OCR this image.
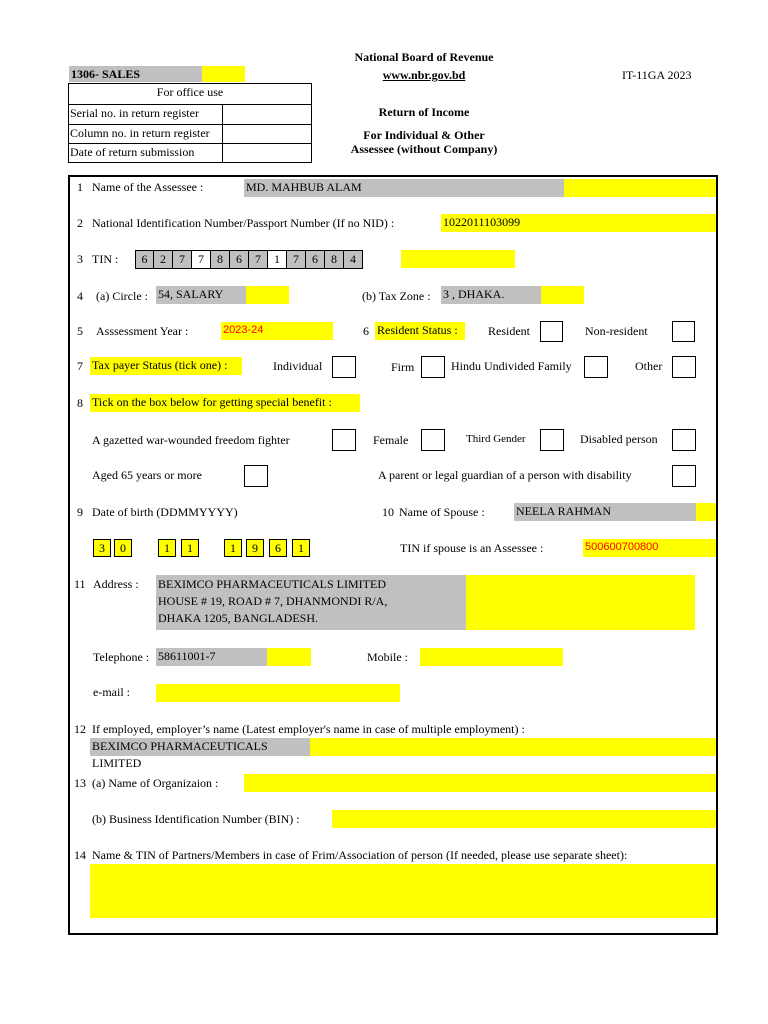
1306- SALES
For office use
Serial no. in return register
Column no. in return register
Date of return submission
National Board of Revenue
www.nbr.gov.bd	IT-11GA 2023
Return of Income
For Individual & Other
Assessee (without Company)
1 Name of the Assessee :	MD. MAHBUB ALAM
2 National Identification Number/Passport Number (If no NID) :	1022011103099
3 TIN :	6	2	7	7	8	6	7	1	7	6	8	4
4 (a) Circle : 54, SALARY	(b) Tax Zone : 3 , DHAKA.
5 Asssessment Year :	2023-24	6 Resident Status :	Resident	Non-resident
7 Tax payer Status (tick one) :	Individual	Firm	Hindu Undivided Family	Other
8 Tick on the box below for getting special benefit :
A gazetted war-wounded freedom fighter	Female	Third Gender	Disabled person
Aged 65 years or more	A parent or legal guardian of a person with disability
9 Date of birth (DDMMYYYY)	10 Name of Spouse :	NEELA RAHMAN
3	0	1	1	1	9	6	1	TIN if spouse is an Assessee :	500600700800
11 Address : BEXIMCO PHARMACEUTICALS LIMITED
HOUSE # 19, ROAD # 7, DHANMONDI R/A,
DHAKA 1205, BANGLADESH.
Telephone : 58611001-7	Mobile :
e-mail :
12 If employed, employer’s name (Latest employer's name in case of multiple employment) :
BEXIMCO PHARMACEUTICALS LIMITED
13 (a) Name of Organizaion :
(b) Business Identification Number (BIN) :
14 Name & TIN of Partners/Members in case of Frim/Association of person (If needed, please use separate sheet):
